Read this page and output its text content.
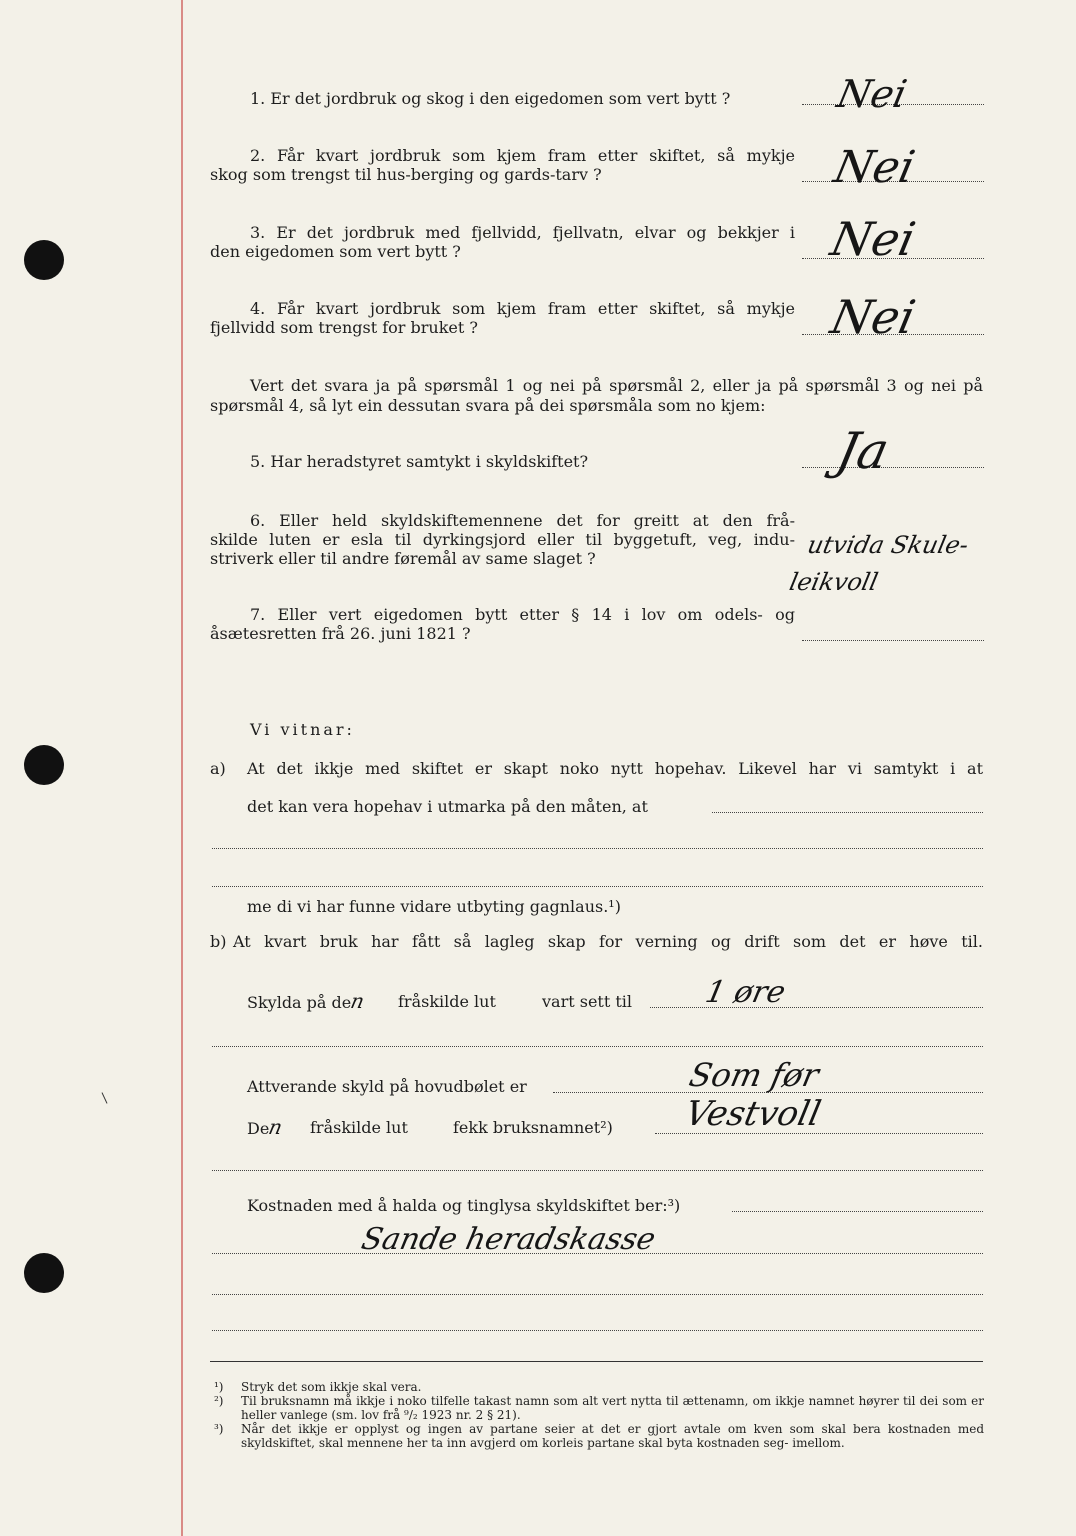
1. Er det jordbruk og skog i den eigedomen som vert bytt ?	Nei
2. Får kvart jordbruk som kjem fram etter skiftet, så mykje
skog som trengst til hus-berging og gards-tarv ?	Nei
3. Er det jordbruk med fjellvidd, fjellvatn, elvar og bekkjer i
den eigedomen som vert bytt ?	Nei
4. Får kvart jordbruk som kjem fram etter skiftet, så mykje
fjellvidd som trengst for bruket ?	Nei
Vert det svara ja på spørsmål 1 og nei på spørsmål 2, eller ja på spørsmål 3 og nei på
spørsmål 4, så lyt ein dessutan svara på dei spørsmåla som no kjem:
5. Har heradstyret samtykt i skyldskiftet?	Ja
6. Eller held skyldskiftemennene det for greitt at den frå-
skilde luten er esla til dyrkingsjord eller til byggetuft, veg, indu-
striverk eller til andre føremål av same slaget ?	utvida Skule-
leikvoll
7. Eller vert eigedomen bytt etter § 14 i lov om odels- og
åsætesretten frå 26. juni 1821 ?
Vi vitnar:
a) At det ikkje med skiftet er skapt noko nytt hopehav. Likevel har vi samtykt i at
det kan vera hopehav i utmarka på den måten, at
me di vi har funne vidare utbyting gagnlaus.¹)
b) At kvart bruk har fått så lagleg skap for verning og drift som det er høve til.
Skylda på den fråskilde lut	vart sett til 1 øre
Attverande skyld på hovudbølet er	Som før
Den fråskilde lut	fekk bruksnamnet²) Vestvoll
Kostnaden med å halda og tinglysa skyldskiftet ber:³)
Sande heradskasse
¹)	Stryk det som ikkje skal vera.
²)	Til bruksnamn må ikkje i noko tilfelle takast namn som alt vert nytta til ættenamn, om ikkje namnet høyrer til dei som er heller vanlege (sm. lov frå ⁹/₂ 1923 nr. 2 § 21).
³)	Når det ikkje er opplyst og ingen av partane seier at det er gjort avtale om kven som skal bera kostnaden med skyldskiftet, skal mennene her ta inn avgjerd om korleis partane skal byta kostnaden seg- imellom.
